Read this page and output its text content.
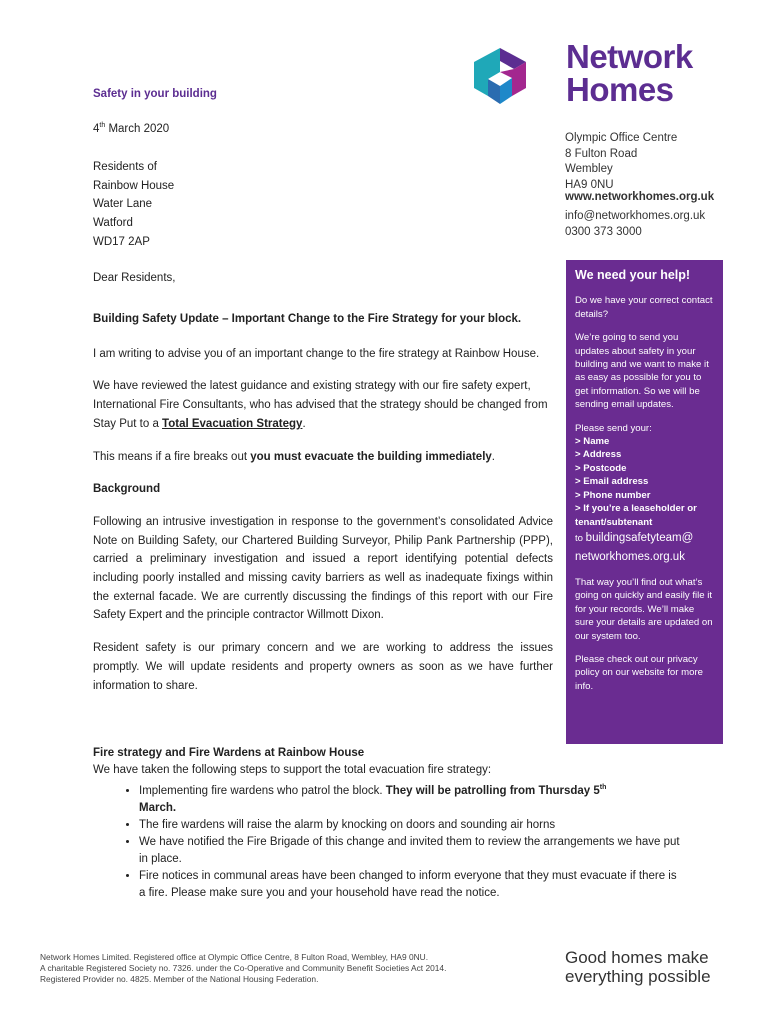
Safety in your building
4th March 2020
Residents of
Rainbow House
Water Lane
Watford
WD17 2AP
Dear Residents,
Network
Homes
Olympic Office Centre
8 Fulton Road
Wembley
HA9 0NU
www.networkhomes.org.uk
info@networkhomes.org.uk
0300 373 3000

Building Safety Update – Important Change to the Fire Strategy for your block.

I am writing to advise you of an important change to the fire strategy at Rainbow House.

We have reviewed the latest guidance and existing strategy with our fire safety expert, International Fire Consultants, who has advised that the strategy should be changed from Stay Put to a Total Evacuation Strategy.

This means if a fire breaks out you must evacuate the building immediately.

Background

Following an intrusive investigation in response to the government’s consolidated Advice Note on Building Safety, our Chartered Building Surveyor, Philip Pank Partnership (PPP), carried a preliminary investigation and issued a report identifying potential defects including poorly installed and missing cavity barriers as well as inadequate fixings within the external facade. We are currently discussing the findings of this report with our Fire Safety Expert and the principle contractor Willmott Dixon.

Resident safety is our primary concern and we are working to address the issues promptly. We will update residents and property owners as soon as we have further information to share.

Fire strategy and Fire Wardens at Rainbow House

We have taken the following steps to support the total evacuation fire strategy:

• Implementing fire wardens who patrol the block. They will be patrolling from Thursday 5th
March.
• The fire wardens will raise the alarm by knocking on doors and sounding air horns
• We have notified the Fire Brigade of this change and invited them to review the arrangements we have put in place.
• Fire notices in communal areas have been changed to inform everyone that they must evacuate if there is a fire. Please make sure you and your household have read the notice.

We need your help!

Do we have your correct contact details?

We’re going to send you updates about safety in your building and we want to make it as easy as possible for you to get information. So we will be sending email updates.

Please send your:

> Name
> Address
> Postcode
> Email address
> Phone number
> If you’re a leaseholder or tenant/subtenant

to buildingsafetyteam@
networkhomes.org.uk

That way you’ll find out what’s going on quickly and easily file it for your records. We’ll make sure your details are updated on our system too.

Please check out our privacy policy on our website for more info.

Network Homes Limited. Registered office at Olympic Office Centre, 8 Fulton Road, Wembley, HA9 0NU.
A charitable Registered Society no. 7326. under the Co-Operative and Community Benefit Societies Act 2014.
Registered Provider no. 4825. Member of the National Housing Federation.
Good homes make
everything possible
